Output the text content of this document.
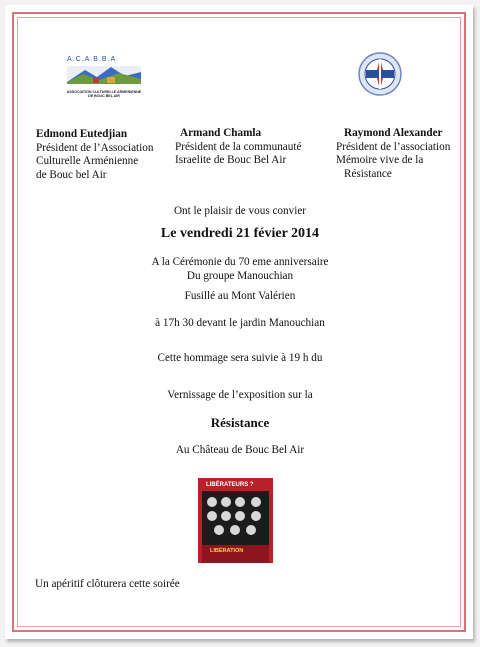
A.C.A.B.B.A
ASSOCIATION CULTURELLE ARMENIENNE DE BOUC BEL AIR
Edmond Eutedjian
Président de l’Association
Culturelle Arménienne
de Bouc bel Air
Armand Chamla
Président de la communauté
Israelite de Bouc Bel Air
Raymond Alexander
Président de l’association
Mémoire vive de la
Résistance
Ont le plaisir de vous convier
Le vendredi 21 févier 2014
A la Cérémonie du 70 eme anniversaire
Du groupe Manouchian
Fusillé au Mont Valérien
à 17h 30 devant le jardin Manouchian
Cette hommage sera suivie à 19 h du
Vernissage de l’exposition sur la
Résistance
Au Château de Bouc Bel Air
LIBÉRATEURS ?
LIBÉRATION
Un apéritif clôturera cette soirée
